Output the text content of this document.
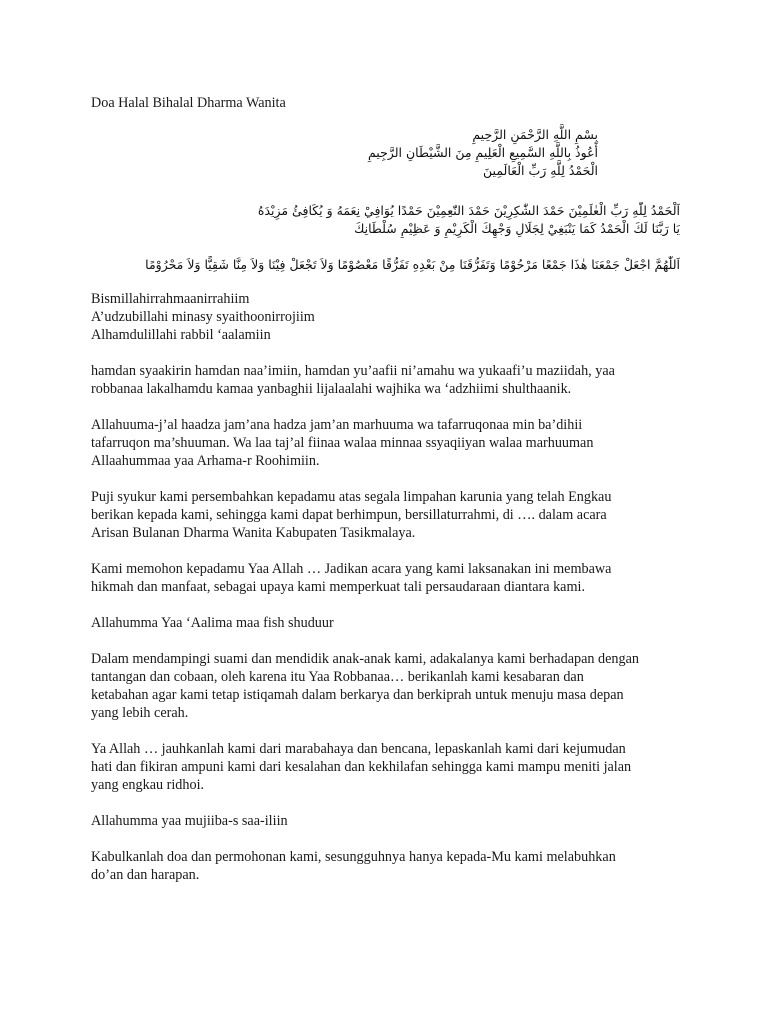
Doa Halal Bihalal Dharma Wanita
بِسْمِ اللَّهِ الرَّحْمَنِ الرَّحِيمِ
أَعُوذُ بِاللَّهِ السَّمِيعِ الْعَلِيمِ مِنَ الشَّيْطَانِ الرَّجِيمِ
الْحَمْدُ لِلَّهِ رَبِّ الْعَالَمِينَ
اَلْحَمْدُ لِلّٰهِ رَبِّ الْعٰلَمِيْنَ حَمْدَ الشّٰكِرِيْنَ حَمْدَ النّٰعِمِيْنَ حَمْدًا يُوَافِيْ نِعَمَهُ وَ يُكَافِئُ مَزِيْدَهُ
يَا رَبَّنَا لَكَ الْحَمْدُ كَمَا يَنْبَغِيْ لِجَلَالِ وَجْهِكَ الْكَرِيْمِ وَ عَظِيْمِ سُلْطَانِكَ
اَللّٰهُمَّ اجْعَلْ جَمْعَنَا هٰذَا جَمْعًا مَرْحُوْمًا وَتَفَرُّقَنَا مِنْ بَعْدِهِ تَفَرُّقًا مَعْصُوْمًا وَلاَ تَجْعَلْ فِيْنَا وَلاَ مِنَّا شَقِيًّا وَلاَ مَحْرُوْمًا
Bismillahirrahmaanirrahiim
A’udzubillahi minasy syaithoonirrojiim
Alhamdulillahi rabbil ‘aalamiin
hamdan syaakirin hamdan naa’imiin, hamdan yu’aafii ni’amahu wa yukaafi’u maziidah, yaa
robbanaa lakalhamdu kamaa yanbaghii lijalaalahi wajhika wa ‘adzhiimi shulthaanik.
Allahuuma-j’al haadza jam’ana hadza jam’an marhuuma wa tafarruqonaa min ba’dihii
tafarruqon ma’shuuman. Wa laa taj’al fiinaa walaa minnaa ssyaqiiyan walaa marhuuman
Allaahummaa yaa Arhama-r Roohimiin.
Puji syukur kami persembahkan kepadamu atas segala limpahan karunia yang telah Engkau
berikan kepada kami, sehingga kami dapat berhimpun, bersillaturrahmi, di …. dalam acara
Arisan Bulanan Dharma Wanita Kabupaten Tasikmalaya.
Kami memohon kepadamu Yaa Allah … Jadikan acara yang kami laksanakan ini membawa
hikmah dan manfaat, sebagai upaya kami memperkuat tali persaudaraan diantara kami.
Allahumma Yaa ‘Aalima maa fish shuduur
Dalam mendampingi suami dan mendidik anak-anak kami, adakalanya kami berhadapan dengan
tantangan dan cobaan, oleh karena itu Yaa Robbanaa… berikanlah kami kesabaran dan
ketabahan agar kami tetap istiqamah dalam berkarya dan berkiprah untuk menuju masa depan
yang lebih cerah.
Ya Allah … jauhkanlah kami dari marabahaya dan bencana, lepaskanlah kami dari kejumudan
hati dan fikiran ampuni kami dari kesalahan dan kekhilafan sehingga kami mampu meniti jalan
yang engkau ridhoi.
Allahumma yaa mujiiba-s saa-iliin
Kabulkanlah doa dan permohonan kami, sesungguhnya hanya kepada-Mu kami melabuhkan
do’an dan harapan.
